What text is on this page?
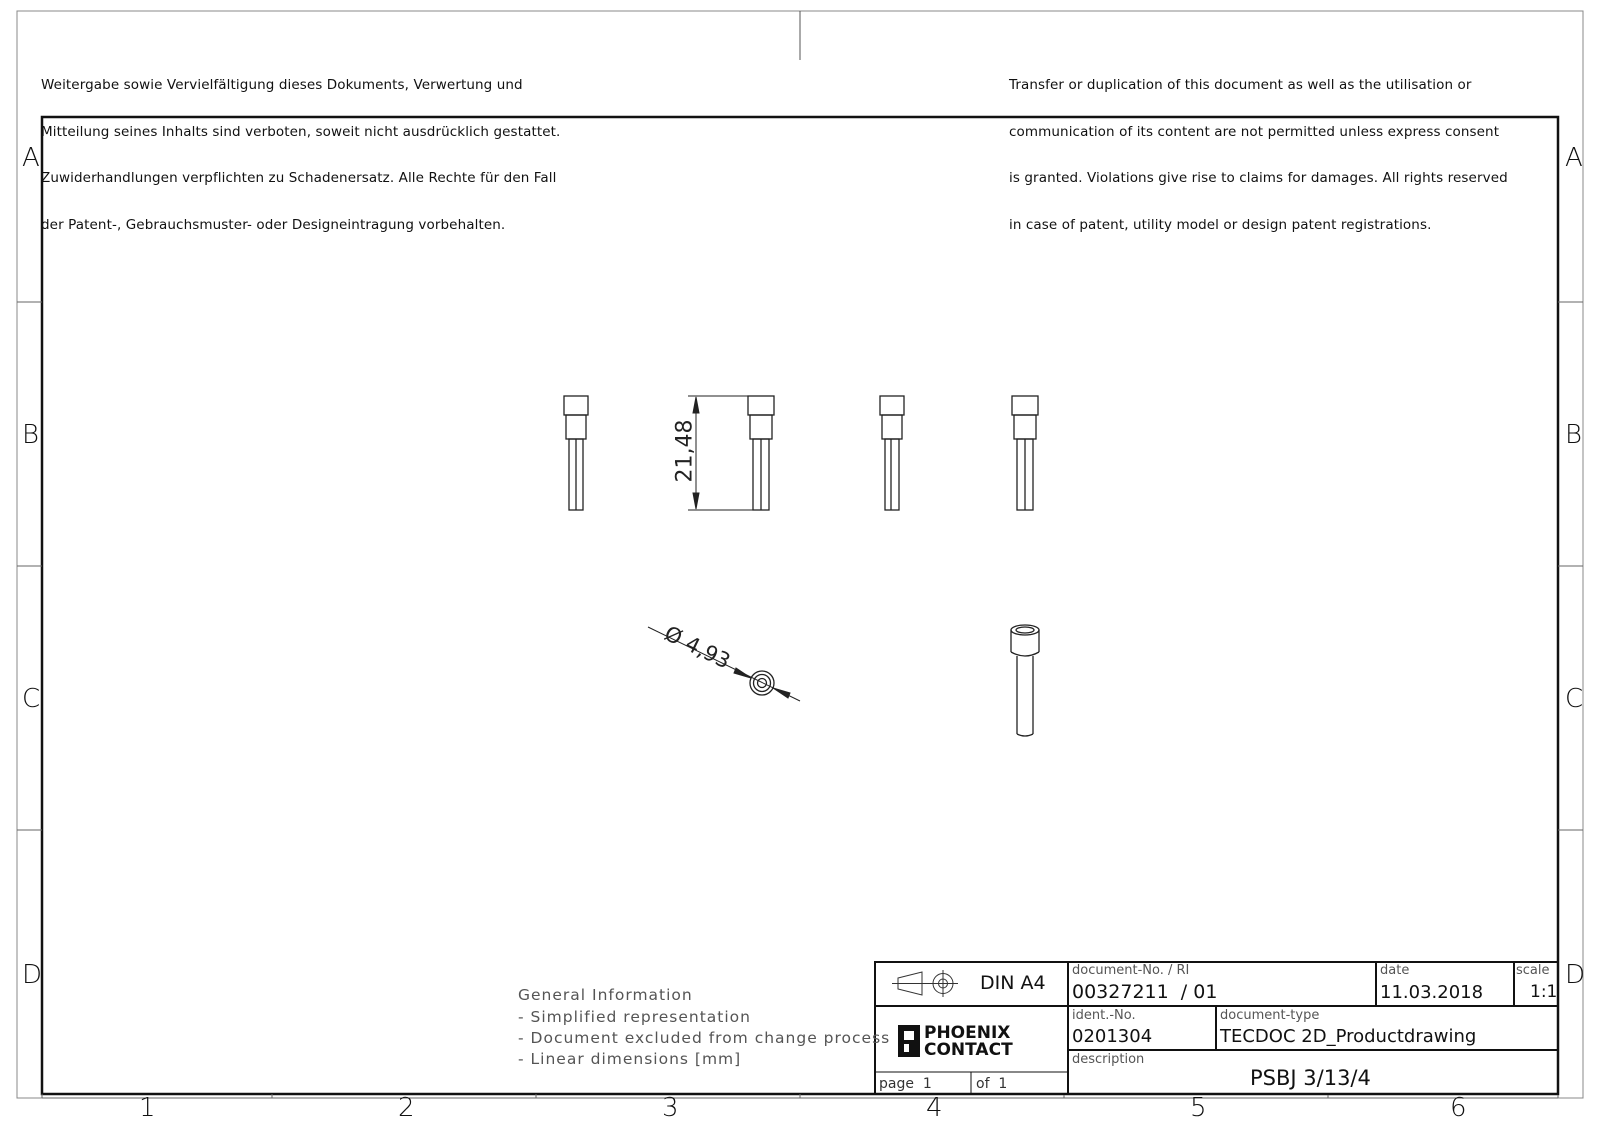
Weitergabe sowie Vervielfältigung dieses Dokuments, Verwertung und

Mitteilung seines Inhalts sind verboten, soweit nicht ausdrücklich gestattet.

Zuwiderhandlungen verpflichten zu Schadenersatz. Alle Rechte für den Fall

der Patent-, Gebrauchsmuster- oder Designeintragung vorbehalten.

Transfer or duplication of this document as well as the utilisation or

communication of its content are not permitted unless express consent

is granted. Violations give rise to claims for damages. All rights reserved

in case of patent, utility model or design patent registrations.

PHOENIX
CONTACT
21,48
Ø 4,93
A
B
C
D
A
B
C
D
1	2	3	4	5	6
General Information
- Simplified representation
- Document excluded from change process
- Linear dimensions [mm]
DIN A4
document-No. / RI
00327211  / 01
date
11.03.2018
scale
1:1
ident.-No.
0201304
document-type
TECDOC 2D_Productdrawing
description
PSBJ 3/13/4
page  1	of  1
